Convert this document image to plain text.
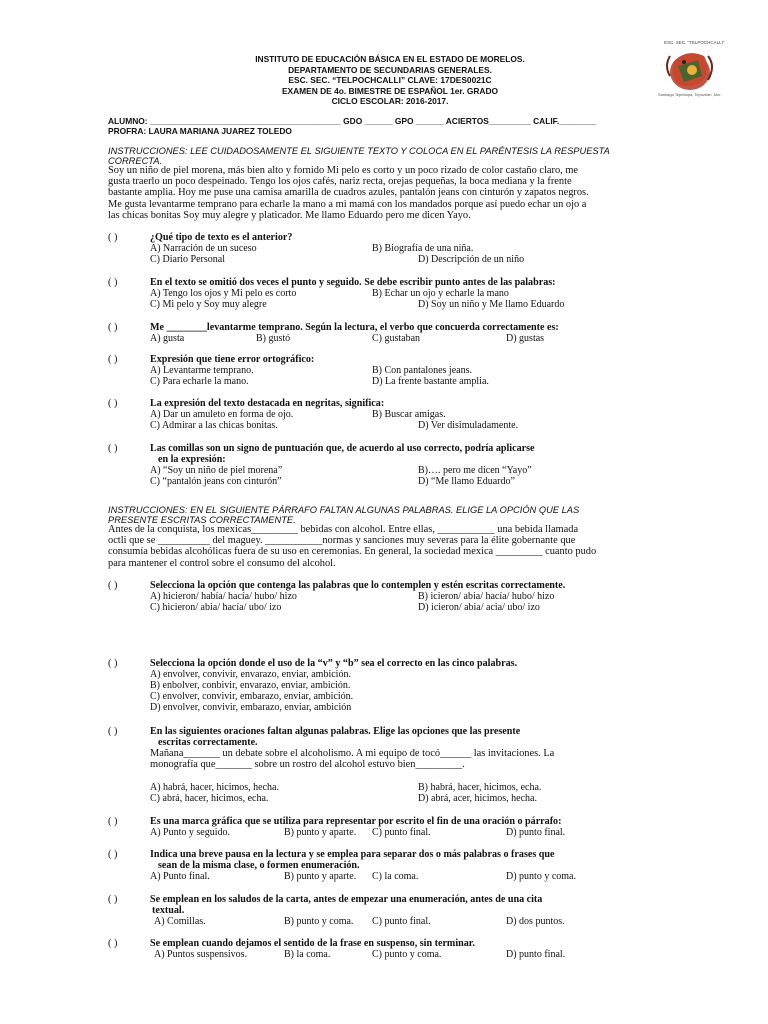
INSTITUTO DE EDUCACIÓN BÁSICA EN EL ESTADO DE MORELOS.
DEPARTAMENTO DE SECUNDARIAS GENERALES.
ESC. SEC. “TELPOCHCALLI” CLAVE: 17DES0021C
EXAMEN DE 4o. BIMESTRE DE ESPAÑOL 1er. GRADO
CICLO ESCOLAR: 2016-2017.
ESC. SEC. "TELPOCHCALLI"
Santiago Tepetlapa, Tepoztlán, Mor.
ALUMNO: _________________________________________ GDO ______ GPO ______ ACIERTOS_________ CALIF.________
PROFRA: LAURA MARIANA JUAREZ TOLEDO
INSTRUCCIONES: LEE CUIDADOSAMENTE EL SIGUIENTE TEXTO Y COLOCA EN EL PARÉNTESIS LA RESPUESTA
CORRECTA.
Soy un niño de piel morena, más bien alto y fornido Mi pelo es corto y un poco rizado de color castaño claro, me
gusta traerlo un poco despeinado. Tengo los ojos cafés, nariz recta, orejas pequeñas, la boca mediana y la frente
bastante amplia. Hoy me puse una camisa amarilla de cuadros azules, pantalón jeans con cinturón y zapatos negros.
Me gusta levantarme temprano para echarle la mano a mi mamá con los mandados porque así puedo echar un ojo a
las chicas bonitas Soy muy alegre y platicador. Me llamo Eduardo pero me dicen Yayo.
( )	¿Qué tipo de texto es el anterior?
A) Narración de un suceso	B) Biografía de una niña.
C) Diario Personal	D) Descripción de un niño
( )	En el texto se omitió dos veces el punto y seguido. Se debe escribir punto antes de las palabras:
A) Tengo los ojos y Mi pelo es corto	B) Echar un ojo y echarle la mano
C) Mi pelo y Soy muy alegre	D) Soy un niño y Me llamo Eduardo
( )	Me ________levantarme temprano. Según la lectura, el verbo que concuerda correctamente es:
A) gusta	B) gustó	C) gustaban	D) gustas
( )	Expresión que tiene error ortográfico:
A) Levantarme temprano.	B) Con pantalones jeans.
C) Para echarle la mano.	D) La frente bastante amplia.
( )	La expresión del texto destacada en negritas, significa:
A) Dar un amuleto en forma de ojo.	B) Buscar amigas.
C) Admirar a las chicas bonitas.	D) Ver disimuladamente.
( )	Las comillas son un signo de puntuación que, de acuerdo al uso correcto, podría aplicarse
en la expresión:
A) “Soy un niño de piel morena”	B)…. pero me dicen “Yayo”
C) “pantalón jeans con cinturón”	D) “Me llamo Eduardo”
INSTRUCCIONES: EN EL SIGUIENTE PÁRRAFO FALTAN ALGUNAS PALABRAS. ELIGE LA OPCIÓN QUE LAS
PRESENTE ESCRITAS CORRECTAMENTE.
Antes de la conquista, los mexicas_________ bebidas con alcohol. Entre ellas, ___________ una bebida llamada
octli que se __________ del maguey. ___________normas y sanciones muy severas para la élite gobernante que
consumía bebidas alcohólicas fuera de su uso en ceremonias. En general, la sociedad mexica _________ cuanto pudo
para mantener el control sobre el consumo del alcohol.
( )	Selecciona la opción que contenga las palabras que lo contemplen y estén escritas correctamente.
A) hicieron/ había/ hacía/ hubo/ hizo	B) icieron/ abia/ hacía/ hubo/ hizo
C) hicieron/ abia/ hacía/ ubo/ izo	D) icieron/ abia/ acia/ ubo/ izo
( )	Selecciona la opción donde el uso de la “v” y “b” sea el correcto en las cinco palabras.
A) envolver, convivir, envarazo, enviar, ambición.
B) enbolver, conbivir, envarazo, enviar, ambición.
C) envolver, convivir, embarazo, enviar, ambición.
D) envolver, convivir, embarazo, enviar, ambición
( )	En las siguientes oraciones faltan algunas palabras. Elige las opciones que las presente
escritas correctamente.
Mañana_______ un debate sobre el alcoholismo. A mi equipo de tocó______ las invitaciones. La
monografía que_______ sobre un rostro del alcohol estuvo bien_________.
A) habrá, hacer, hicimos, hecha.	B) habrá, hacer, hicimos, echa.
C) abrá, hacer, hicimos, echa.	D) abrá, acer, hicimos, hecha.
( )	Es una marca gráfica que se utiliza para representar por escrito el fin de una oración o párrafo:
A) Punto y seguido.	B) punto y aparte. C) punto final.	D) punto final.
( )	Indica una breve pausa en la lectura y se emplea para separar dos o más palabras o frases que
sean de la misma clase, o formen enumeración.
A) Punto final.	B) punto y aparte. C) la coma.	D) punto y coma.
( )	Se emplean en los saludos de la carta, antes de empezar una enumeración, antes de una cita
textual.
A) Comillas.	B) punto y coma. C) punto final.	D) dos puntos.
( )	Se emplean cuando dejamos el sentido de la frase en suspenso, sin terminar.
A) Puntos suspensivos.	B) la coma.	C) punto y coma.	D) punto final.
